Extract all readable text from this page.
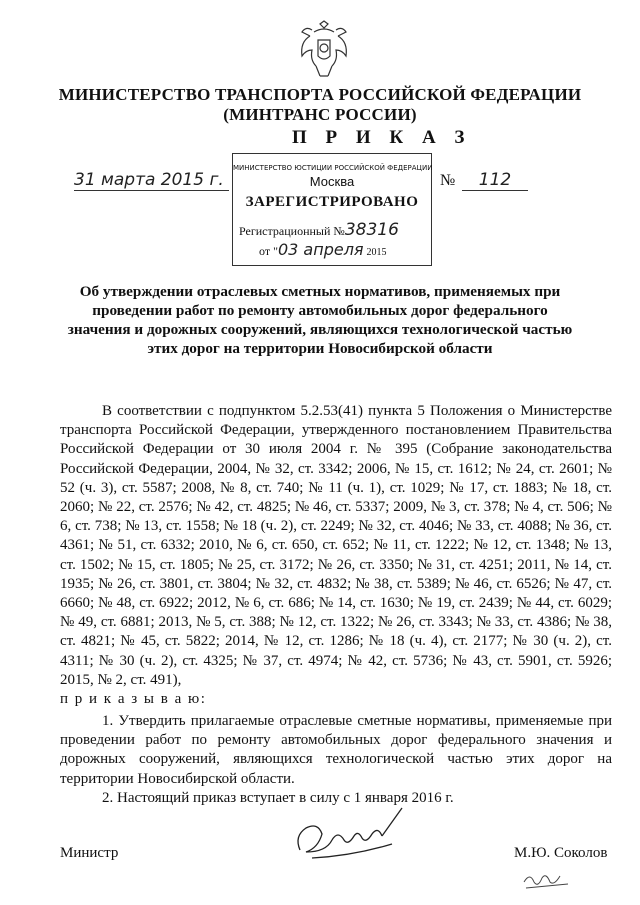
МИНИСТЕРСТВО ТРАНСПОРТА РОССИЙСКОЙ ФЕДЕРАЦИИ
(МИНТРАНС РОССИИ)
П Р И К А З
31 марта 2015 г.	№	112
МИНИСТЕРСТВО ЮСТИЦИИ РОССИЙСКОЙ ФЕДЕРАЦИИ
Москва
ЗАРЕГИСТРИРОВАНО
Регистрационный №38316
от "03 апреля 2015
Об утверждении отраслевых сметных нормативов, применяемых при проведении работ по ремонту автомобильных дорог федерального значения и дорожных сооружений, являющихся технологической частью этих дорог на территории Новосибирской области

В соответствии с подпунктом 5.2.53(41) пункта 5 Положения о Министерстве транспорта Российской Федерации, утвержденного постановлением Правительства Российской Федерации от 30 июля 2004 г. № 395 (Собрание законодательства Российской Федерации, 2004, № 32, ст. 3342; 2006, № 15, ст. 1612; № 24, ст. 2601; № 52 (ч. 3), ст. 5587; 2008, № 8, ст. 740; № 11 (ч. 1), ст. 1029; № 17, ст. 1883; № 18, ст. 2060; № 22, ст. 2576; № 42, ст. 4825; № 46, ст. 5337; 2009, № 3, ст. 378; № 4, ст. 506; № 6, ст. 738; № 13, ст. 1558; № 18 (ч. 2), ст. 2249; № 32, ст. 4046; № 33, ст. 4088; № 36, ст. 4361; № 51, ст. 6332; 2010, № 6, ст. 650, ст. 652; № 11, ст. 1222; № 12, ст. 1348; № 13, ст. 1502; № 15, ст. 1805; № 25, ст. 3172; № 26, ст. 3350; № 31, ст. 4251; 2011, № 14, ст. 1935; № 26, ст. 3801, ст. 3804; № 32, ст. 4832; № 38, ст. 5389; № 46, ст. 6526; № 47, ст. 6660; № 48, ст. 6922; 2012, № 6, ст. 686; № 14, ст. 1630; № 19, ст. 2439; № 44, ст. 6029; № 49, ст. 6881; 2013, № 5, ст. 388; № 12, ст. 1322; № 26, ст. 3343; № 33, ст. 4386; № 38, ст. 4821; № 45, ст. 5822; 2014, № 12, ст. 1286; № 18 (ч. 4), ст. 2177; № 30 (ч. 2), ст. 4311; № 30 (ч. 2), ст. 4325; № 37, ст. 4974; № 42, ст. 5736; № 43, ст. 5901, ст. 5926; 2015, № 2, ст. 491),

п р и к а з ы в а ю:

1. Утвердить прилагаемые отраслевые сметные нормативы, применяемые при проведении работ по ремонту автомобильных дорог федерального значения и дорожных сооружений, являющихся технологической частью этих дорог на территории Новосибирской области.

2. Настоящий приказ вступает в силу с 1 января 2016 г.

Министр	М.Ю. Соколов
